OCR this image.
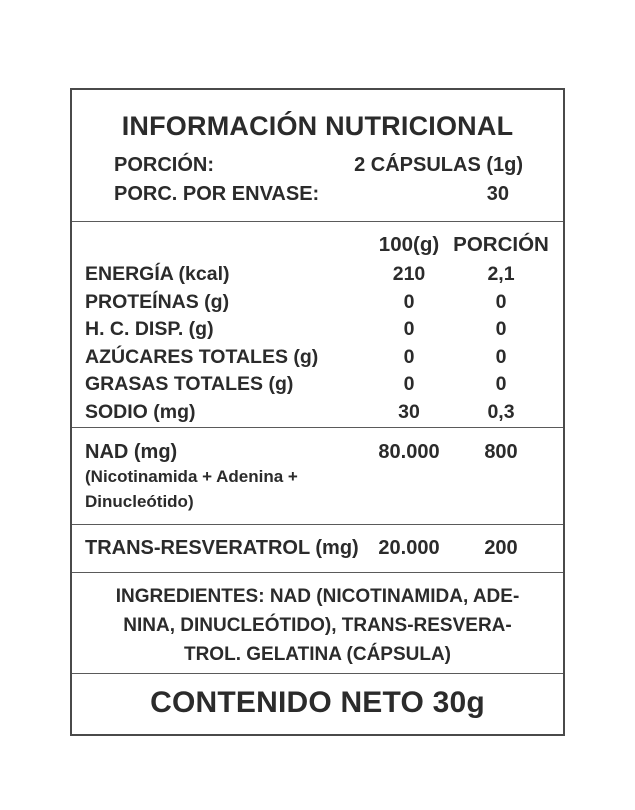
INFORMACIÓN NUTRICIONAL
PORCIÓN:	2 CÁPSULAS (1g)
PORC. POR ENVASE:	30
100(g) PORCIÓN
ENERGÍA (kcal)	210	2,1
PROTEÍNAS (g)	0	0
H. C. DISP. (g)	0	0
AZÚCARES TOTALES (g)	0	0
GRASAS TOTALES (g)	0	0
SODIO (mg)	30	0,3
NAD (mg)	80.000	800
(Nicotinamida + Adenina +
Dinucleótido)
TRANS-RESVERATROL (mg) 20.000	200
INGREDIENTES: NAD (NICOTINAMIDA, ADE-
NINA, DINUCLEÓTIDO), TRANS-RESVERA-
TROL. GELATINA (CÁPSULA)
CONTENIDO NETO 30g
